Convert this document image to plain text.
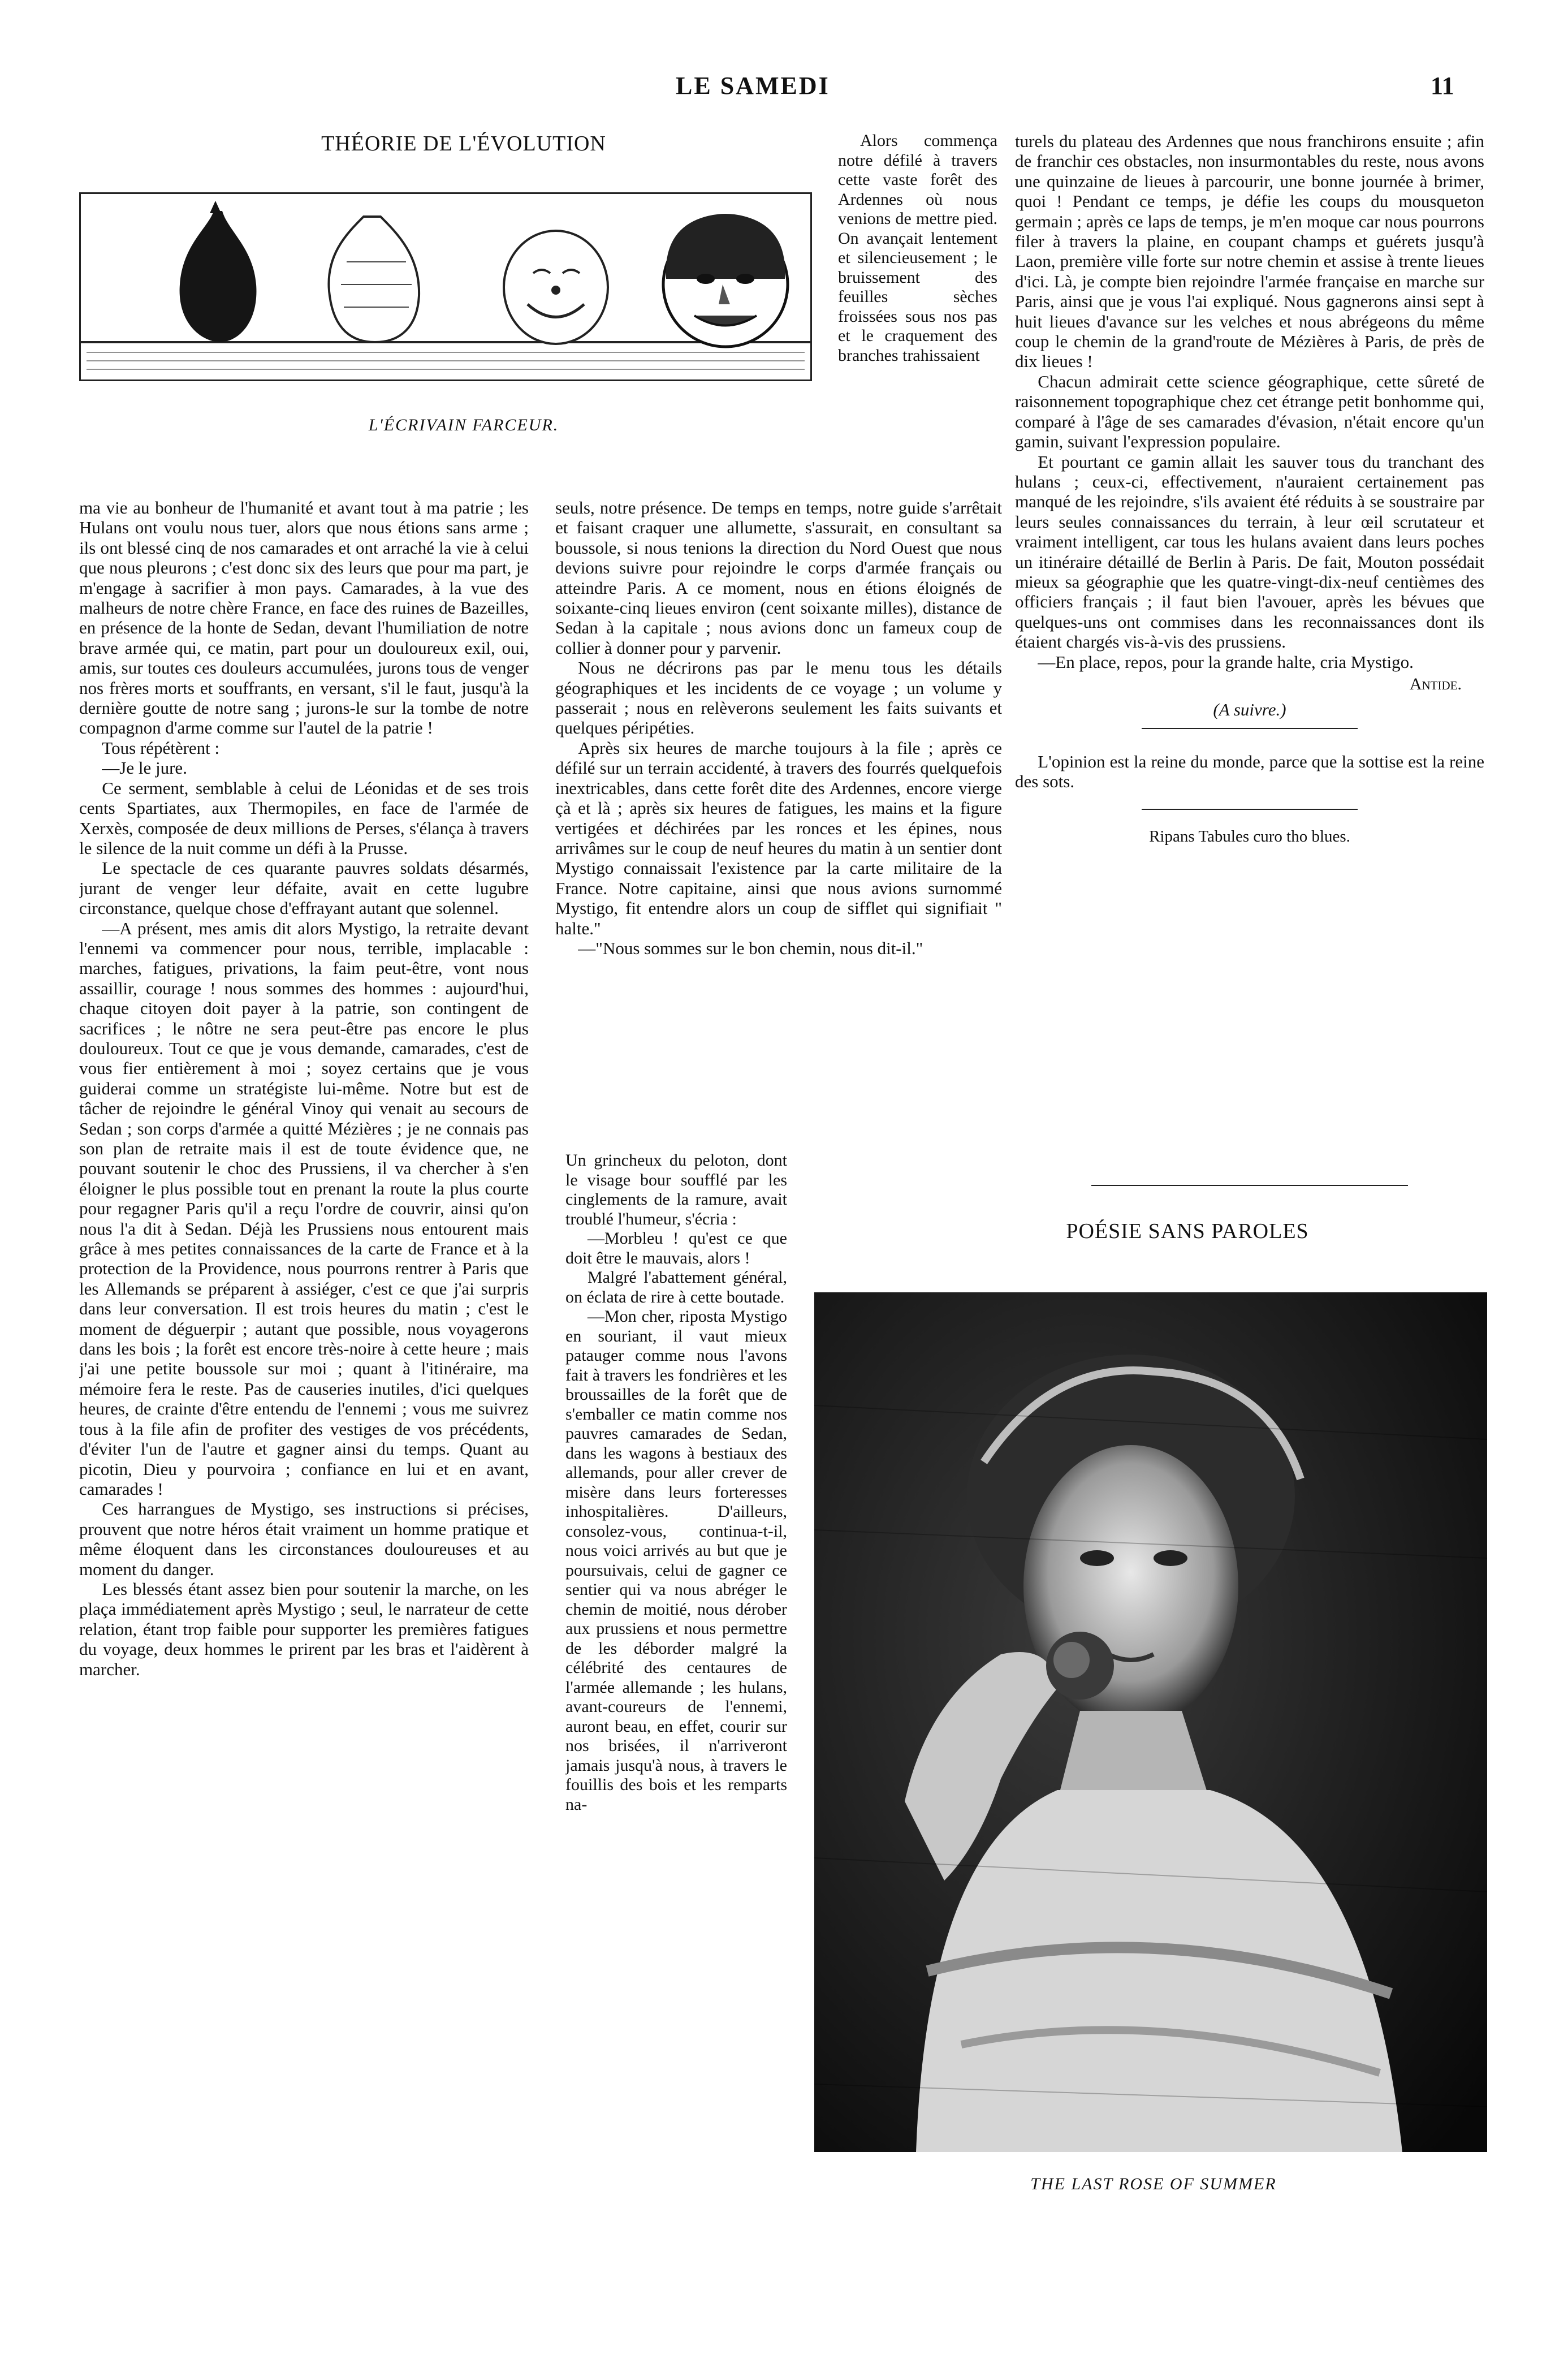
LE SAMEDI	11
THÉORIE DE L'ÉVOLUTION
L'ÉCRIVAIN FARCEUR.

ma vie au bonheur de l'humanité et avant tout à ma patrie ; les Hulans ont voulu nous tuer, alors que nous étions sans arme ; ils ont blessé cinq de nos camarades et ont arraché la vie à celui que nous pleurons ; c'est donc six des leurs que pour ma part, je m'engage à sacrifier à mon pays. Camarades, à la vue des malheurs de notre chère France, en face des ruines de Bazeilles, en présence de la honte de Sedan, devant l'humiliation de notre brave armée qui, ce matin, part pour un douloureux exil, oui, amis, sur toutes ces douleurs accumulées, jurons tous de venger nos frères morts et souffrants, en versant, s'il le faut, jusqu'à la dernière goutte de notre sang ; jurons-le sur la tombe de notre compagnon d'arme comme sur l'autel de la patrie !

Tous répétèrent :

—Je le jure.

Ce serment, semblable à celui de Léonidas et de ses trois cents Spartiates, aux Thermopiles, en face de l'armée de Xerxès, composée de deux millions de Perses, s'élança à travers le silence de la nuit comme un défi à la Prusse.

Le spectacle de ces quarante pauvres soldats désarmés, jurant de venger leur défaite, avait en cette lugubre circonstance, quelque chose d'effrayant autant que solennel.

—A présent, mes amis dit alors Mystigo, la retraite devant l'ennemi va commencer pour nous, terrible, implacable : marches, fatigues, privations, la faim peut-être, vont nous assaillir, courage ! nous sommes des hommes : aujourd'hui, chaque citoyen doit payer à la patrie, son contingent de sacrifices ; le nôtre ne sera peut-être pas encore le plus douloureux. Tout ce que je vous demande, camarades, c'est de vous fier entièrement à moi ; soyez certains que je vous guiderai comme un stratégiste lui-même. Notre but est de tâcher de rejoindre le général Vinoy qui venait au secours de Sedan ; son corps d'armée a quitté Mézières ; je ne connais pas son plan de retraite mais il est de toute évidence que, ne pouvant soutenir le choc des Prussiens, il va chercher à s'en éloigner le plus possible tout en prenant la route la plus courte pour regagner Paris qu'il a reçu l'ordre de couvrir, ainsi qu'on nous l'a dit à Sedan. Déjà les Prussiens nous entourent mais grâce à mes petites connaissances de la carte de France et à la protection de la Providence, nous pourrons rentrer à Paris que les Allemands se préparent à assiéger, c'est ce que j'ai surpris dans leur conversation. Il est trois heures du matin ; c'est le moment de déguerpir ; autant que possible, nous voyagerons dans les bois ; la forêt est encore très-noire à cette heure ; mais j'ai une petite boussole sur moi ; quant à l'itinéraire, ma mémoire fera le reste. Pas de causeries inutiles, d'ici quelques heures, de crainte d'être entendu de l'ennemi ; vous me suivrez tous à la file afin de profiter des vestiges de vos précédents, d'éviter l'un de l'autre et gagner ainsi du temps. Quant au picotin, Dieu y pourvoira ; confiance en lui et en avant, camarades !

Ces harrangues de Mystigo, ses instructions si précises, prouvent que notre héros était vraiment un homme pratique et même éloquent dans les circonstances douloureuses et au moment du danger.

Les blessés étant assez bien pour soutenir la marche, on les plaça immédiatement après Mystigo ; seul, le narrateur de cette relation, étant trop faible pour supporter les premières fatigues du voyage, deux hommes le prirent par les bras et l'aidèrent à marcher.

Alors commença notre défilé à travers cette vaste forêt des Ardennes où nous venions de mettre pied. On avançait lentement et silencieusement ; le bruissement des feuilles sèches froissées sous nos pas et le craquement des branches trahissaient

seuls, notre présence. De temps en temps, notre guide s'arrêtait et faisant craquer une allumette, s'assurait, en consultant sa boussole, si nous tenions la direction du Nord Ouest que nous devions suivre pour rejoindre le corps d'armée français ou atteindre Paris. A ce moment, nous en étions éloignés de soixante-cinq lieues environ (cent soixante milles), distance de Sedan à la capitale ; nous avions donc un fameux coup de collier à donner pour y parvenir.

Nous ne décrirons pas par le menu tous les détails géographiques et les incidents de ce voyage ; un volume y passerait ; nous en relèverons seulement les faits suivants et quelques péripéties.

Après six heures de marche toujours à la file ; après ce défilé sur un terrain accidenté, à travers des fourrés quelquefois inextricables, dans cette forêt dite des Ardennes, encore vierge çà et là ; après six heures de fatigues, les mains et la figure vertigées et déchirées par les ronces et les épines, nous arrivâmes sur le coup de neuf heures du matin à un sentier dont Mystigo connaissait l'existence par la carte militaire de la France. Notre capitaine, ainsi que nous avions surnommé Mystigo, fit entendre alors un coup de sifflet qui signifiait " halte."

—"Nous sommes sur le bon chemin, nous dit-il."

Un grincheux du peloton, dont le visage bour soufflé par les cinglements de la ramure, avait troublé l'humeur, s'écria :

—Morbleu ! qu'est ce que doit être le mauvais, alors !

Malgré l'abattement général, on éclata de rire à cette boutade.

—Mon cher, riposta Mystigo en souriant, il vaut mieux patauger comme nous l'avons fait à travers les fondrières et les broussailles de la forêt que de s'emballer ce matin comme nos pauvres camarades de Sedan, dans les wagons à bestiaux des allemands, pour aller crever de misère dans leurs forteresses inhospitalières. D'ailleurs, consolez-vous, continua-t-il, nous voici arrivés au but que je poursuivais, celui de gagner ce sentier qui va nous abréger le chemin de moitié, nous dérober aux prussiens et nous permettre de les déborder malgré la célébrité des centaures de l'armée allemande ; les hulans, avant-coureurs de l'ennemi, auront beau, en effet, courir sur nos brisées, il n'arriveront jamais jusqu'à nous, à travers le fouillis des bois et les remparts na-

turels du plateau des Ardennes que nous franchirons ensuite ; afin de franchir ces obstacles, non insurmontables du reste, nous avons une quinzaine de lieues à parcourir, une bonne journée à brimer, quoi ! Pendant ce temps, je défie les coups du mousqueton germain ; après ce laps de temps, je m'en moque car nous pourrons filer à travers la plaine, en coupant champs et guérets jusqu'à Laon, première ville forte sur notre chemin et assise à trente lieues d'ici. Là, je compte bien rejoindre l'armée française en marche sur Paris, ainsi que je vous l'ai expliqué. Nous gagnerons ainsi sept à huit lieues d'avance sur les velches et nous abrégeons du même coup le chemin de la grand'route de Mézières à Paris, de près de dix lieues !

Chacun admirait cette science géographique, cette sûreté de raisonnement topographique chez cet étrange petit bonhomme qui, comparé à l'âge de ses camarades d'évasion, n'était encore qu'un gamin, suivant l'expression populaire.

Et pourtant ce gamin allait les sauver tous du tranchant des hulans ; ceux-ci, effectivement, n'auraient certainement pas manqué de les rejoindre, s'ils avaient été réduits à se soustraire par leurs seules connaissances du terrain, à leur œil scrutateur et vraiment intelligent, car tous les hulans avaient dans leurs poches un itinéraire détaillé de Berlin à Paris. De fait, Mouton possédait mieux sa géographie que les quatre-vingt-dix-neuf centièmes des officiers français ; il faut bien l'avouer, après les bévues que quelques-uns ont commises dans les reconnaissances dont ils étaient chargés vis-à-vis des prussiens.

—En place, repos, pour la grande halte, cria Mystigo.

Antide.
(A suivre.)

L'opinion est la reine du monde, parce que la sottise est la reine des sots.

Ripans Tabules curo tho blues.
POÉSIE SANS PAROLES
THE LAST ROSE OF SUMMER
